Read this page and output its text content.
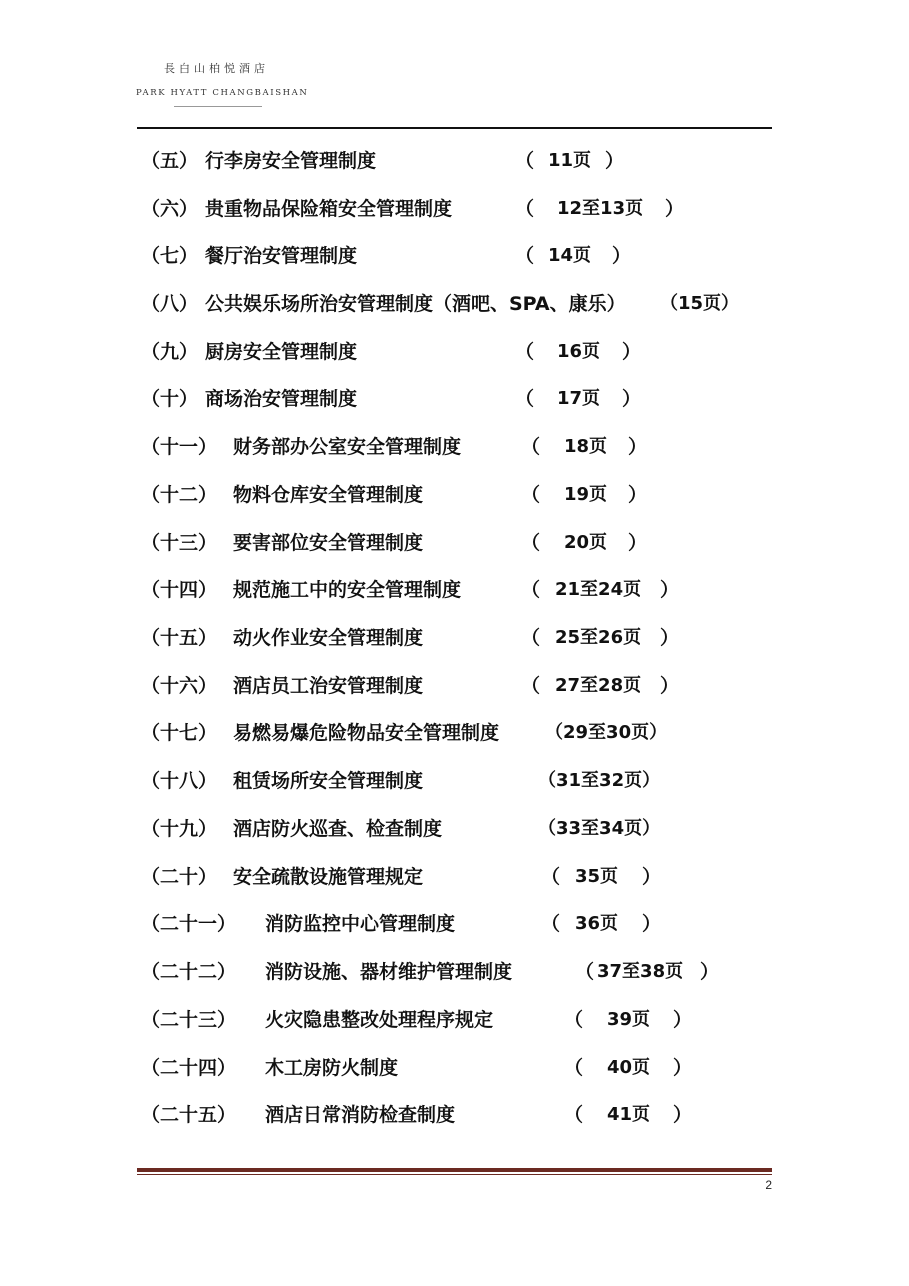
長白山柏悦酒店
PARK HYATT CHANGBAISHAN
（五） 行李房安全管理制度	（ 11页 ）
（六） 贵重物品保险箱安全管理制度	（ 12至13页 ）
（七） 餐厅治安管理制度	（ 14页 ）
（八） 公共娱乐场所治安管理制度（酒吧、SPA、康乐） （15页）
（九） 厨房安全管理制度	（ 16页 ）
（十） 商场治安管理制度	（ 17页 ）
（十一） 财务部办公室安全管理制度	（ 18页 ）
（十二） 物料仓库安全管理制度	（ 19页 ）
（十三） 要害部位安全管理制度	（ 20页 ）
（十四） 规范施工中的安全管理制度	（ 21至24页 ）
（十五） 动火作业安全管理制度	（ 25至26页 ）
（十六） 酒店员工治安管理制度	（ 27至28页 ）
（十七） 易燃易爆危险物品安全管理制度	（29至30页）
（十八） 租赁场所安全管理制度	（31至32页）
（十九） 酒店防火巡查、检查制度	（33至34页）
（二十） 安全疏散设施管理规定	（ 35页 ）
（二十一） 消防监控中心管理制度	（ 36页 ）
（二十二） 消防设施、器材维护管理制度	（ 37至38页 ）
（二十三） 火灾隐患整改处理程序规定	（ 39页 ）
（二十四） 木工房防火制度	（ 40页 ）
（二十五） 酒店日常消防检查制度	（ 41页 ）
2
